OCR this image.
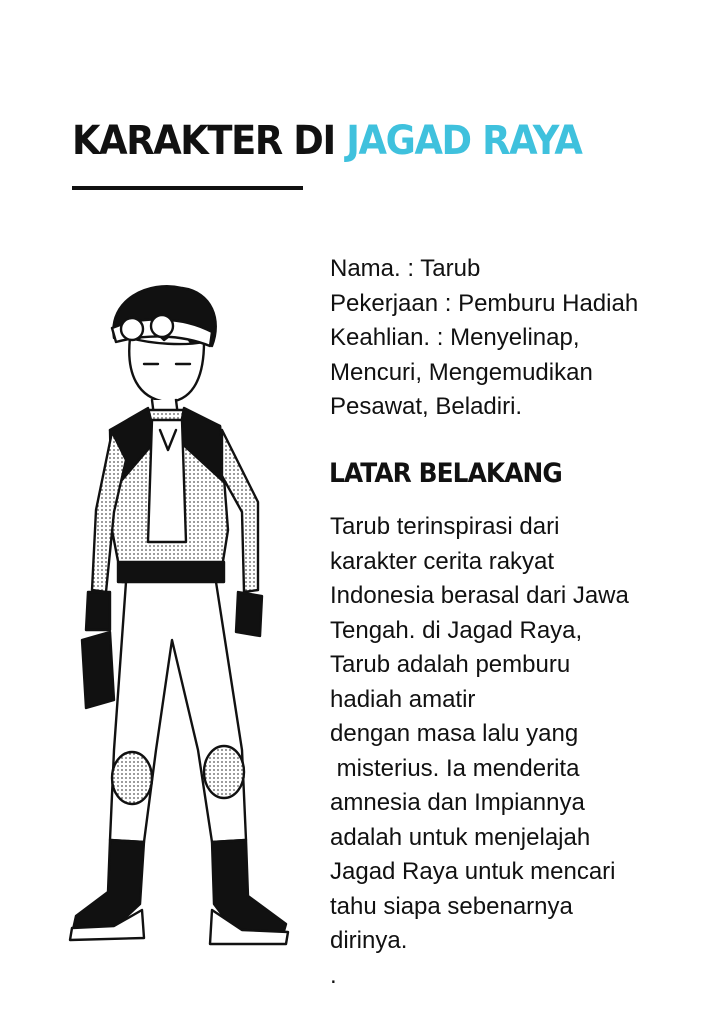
KARAKTER DI JAGAD RAYA
Nama. : Tarub
Pekerjaan : Pemburu Hadiah
Keahlian. : Menyelinap,
Mencuri, Mengemudikan
Pesawat, Beladiri.
LATAR BELAKANG
Tarub terinspirasi dari
karakter cerita rakyat
Indonesia berasal dari Jawa
Tengah. di Jagad Raya,
Tarub adalah pemburu
hadiah amatir
dengan masa lalu yang
misterius. Ia menderita
amnesia dan Impiannya
adalah untuk menjelajah
Jagad Raya untuk mencari
tahu siapa sebenarnya
dirinya.
.
